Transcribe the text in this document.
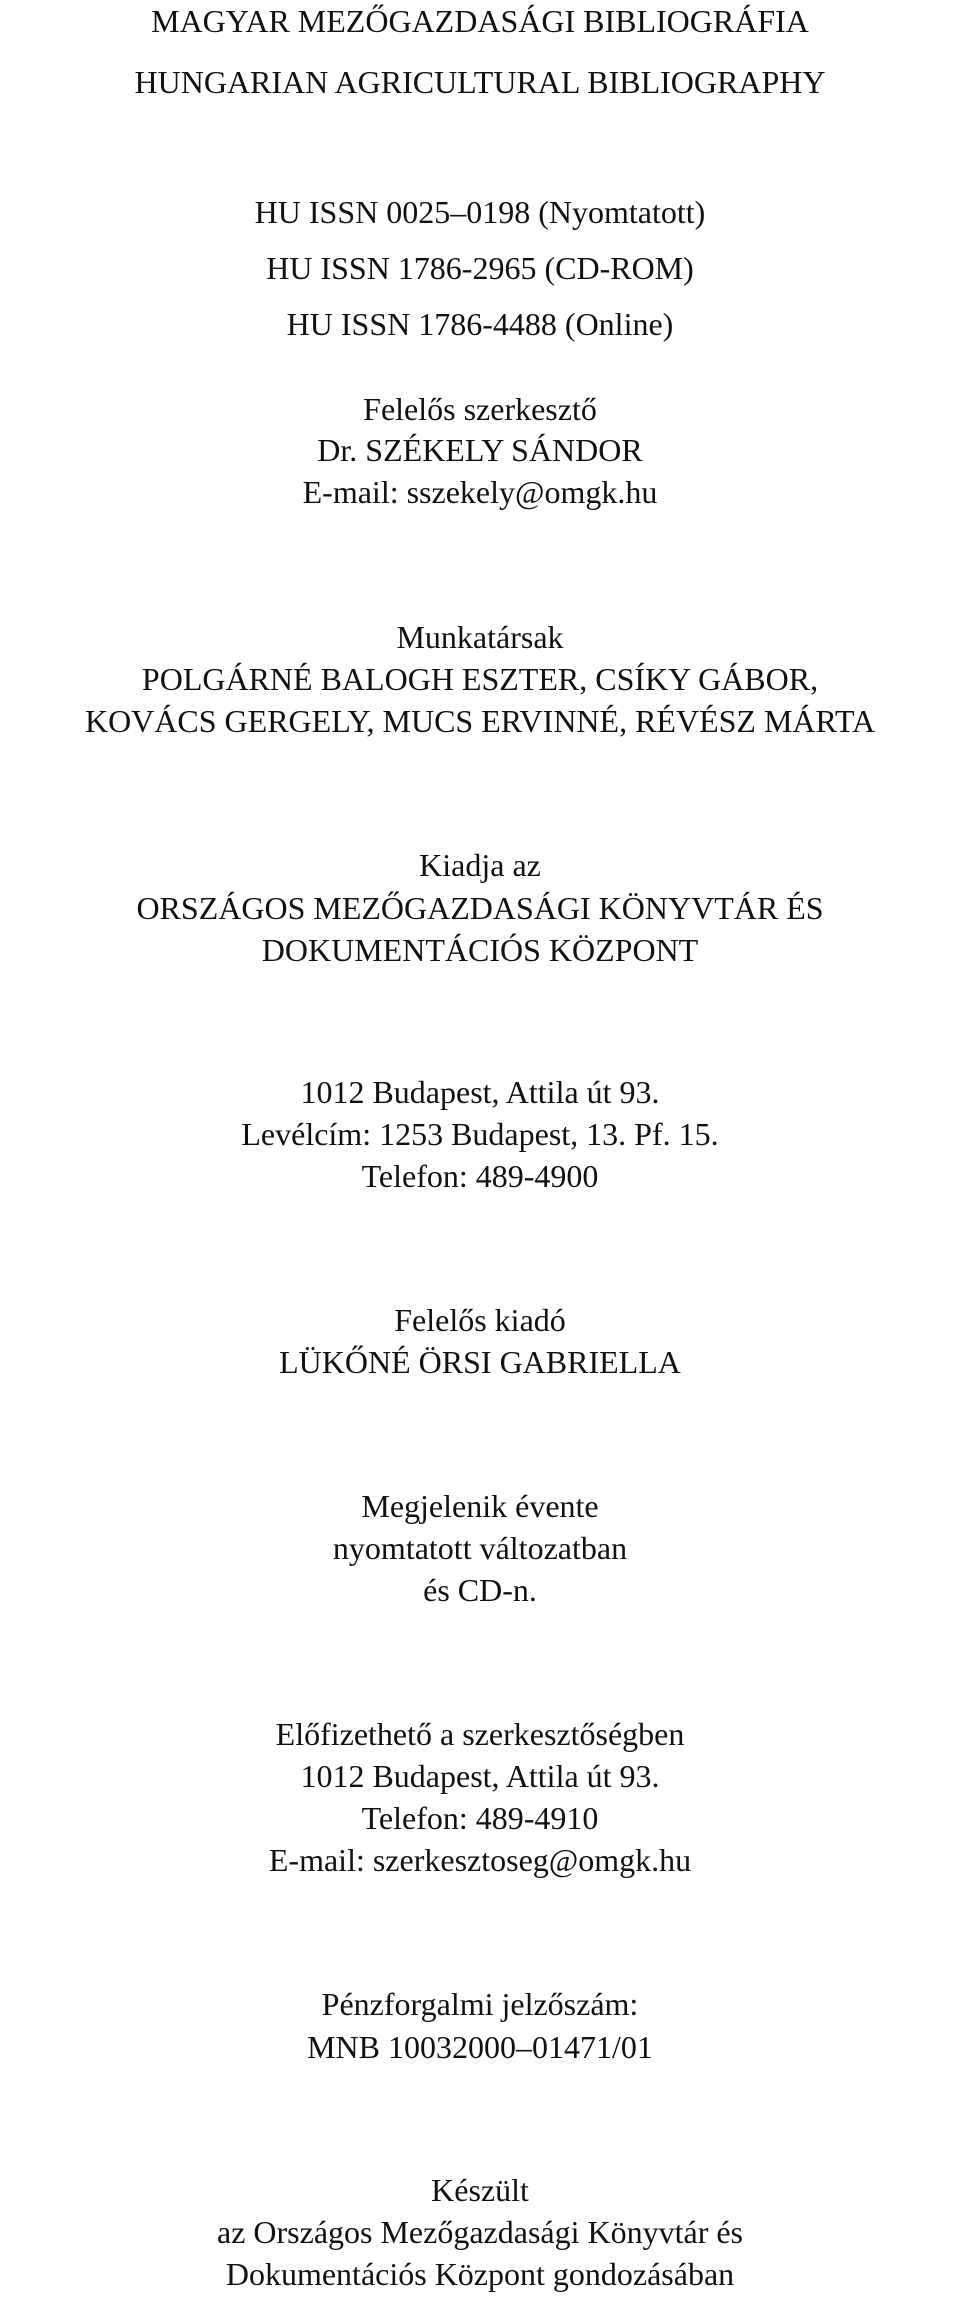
MAGYAR MEZŐGAZDASÁGI BIBLIOGRÁFIA
HUNGARIAN AGRICULTURAL BIBLIOGRAPHY
HU ISSN 0025–0198 (Nyomtatott)
HU ISSN 1786-2965 (CD-ROM)
HU ISSN 1786-4488 (Online)
Felelős szerkesztő
Dr. SZÉKELY SÁNDOR
E-mail: sszekely@omgk.hu
Munkatársak
POLGÁRNÉ BALOGH ESZTER, CSÍKY GÁBOR,
KOVÁCS GERGELY, MUCS ERVINNÉ, RÉVÉSZ MÁRTA
Kiadja az
ORSZÁGOS MEZŐGAZDASÁGI KÖNYVTÁR ÉS
DOKUMENTÁCIÓS KÖZPONT
1012 Budapest, Attila út 93.
Levélcím: 1253 Budapest, 13. Pf. 15.
Telefon: 489-4900
Felelős kiadó
LÜKŐNÉ ÖRSI GABRIELLA
Megjelenik évente
nyomtatott változatban
és CD-n.
Előfizethető a szerkesztőségben
1012 Budapest, Attila út 93.
Telefon: 489-4910
E-mail: szerkesztoseg@omgk.hu
Pénzforgalmi jelzőszám:
MNB 10032000–01471/01
Készült
az Országos Mezőgazdasági Könyvtár és
Dokumentációs Központ gondozásában
